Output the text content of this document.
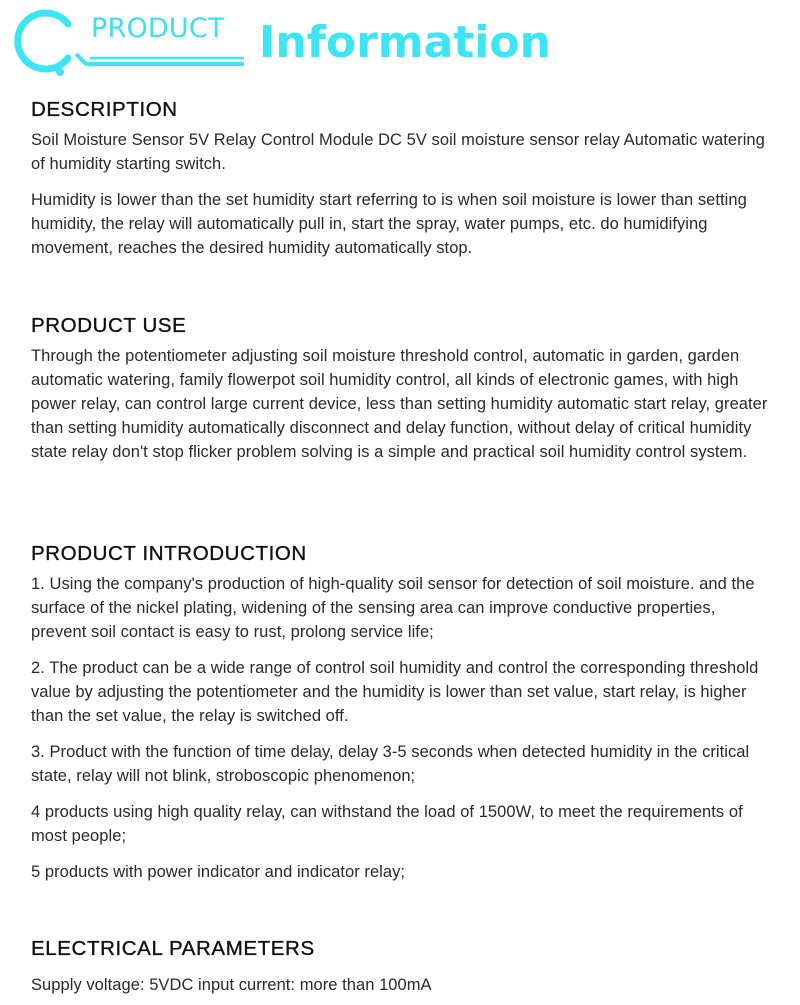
PRODUCT Information
DESCRIPTION

Soil Moisture Sensor 5V Relay Control Module DC 5V soil moisture sensor relay Automatic watering of humidity starting switch.

Humidity is lower than the set humidity start referring to is when soil moisture is lower than setting humidity, the relay will automatically pull in, start the spray, water pumps, etc. do humidifying movement, reaches the desired humidity automatically stop.

PRODUCT USE

Through the potentiometer adjusting soil moisture threshold control, automatic in garden, garden automatic watering, family flowerpot soil humidity control, all kinds of electronic games, with high power relay, can control large current device, less than setting humidity automatic start relay, greater than setting humidity automatically disconnect and delay function, without delay of critical humidity state relay don't stop flicker problem solving is a simple and practical soil humidity control system.

PRODUCT INTRODUCTION

1. Using the company's production of high-quality soil sensor for detection of soil moisture. and the surface of the nickel plating, widening of the sensing area can improve conductive properties, prevent soil contact is easy to rust, prolong service life;

2. The product can be a wide range of control soil humidity and control the corresponding threshold value by adjusting the potentiometer and the humidity is lower than set value, start relay, is higher than the set value, the relay is switched off.

3. Product with the function of time delay, delay 3-5 seconds when detected humidity in the critical state, relay will not blink, stroboscopic phenomenon;

4 products using high quality relay, can withstand the load of 1500W, to meet the requirements of most people;

5 products with power indicator and indicator relay;

ELECTRICAL PARAMETERS

Supply voltage: 5VDC input current: more than 100mA
